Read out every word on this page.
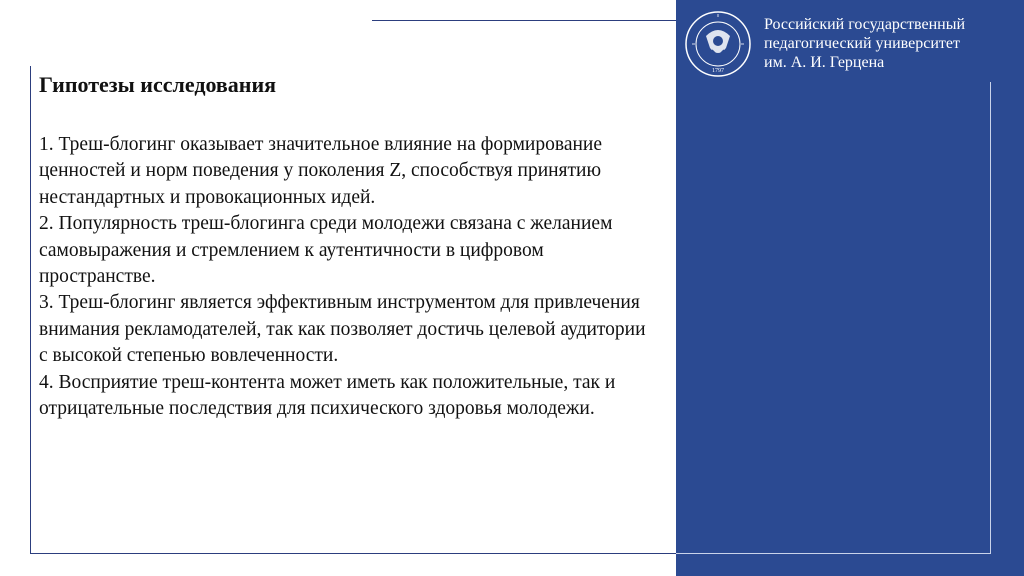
1797
Российский государственный
педагогический университет
им. А. И. Герцена
Гипотезы исследования

1. Треш-блогинг оказывает значительное влияние на формирование ценностей и норм поведения у поколения Z, способствуя принятию нестандартных и провокационных идей.

2. Популярность треш-блогинга среди молодежи связана с желанием самовыражения и стремлением к аутентичности в цифровом пространстве.

3. Треш-блогинг является эффективным инструментом для привлечения внимания рекламодателей, так как позволяет достичь целевой аудитории с высокой степенью вовлеченности.

4. Восприятие треш-контента может иметь как положительные, так и отрицательные последствия для психического здоровья молодежи.
